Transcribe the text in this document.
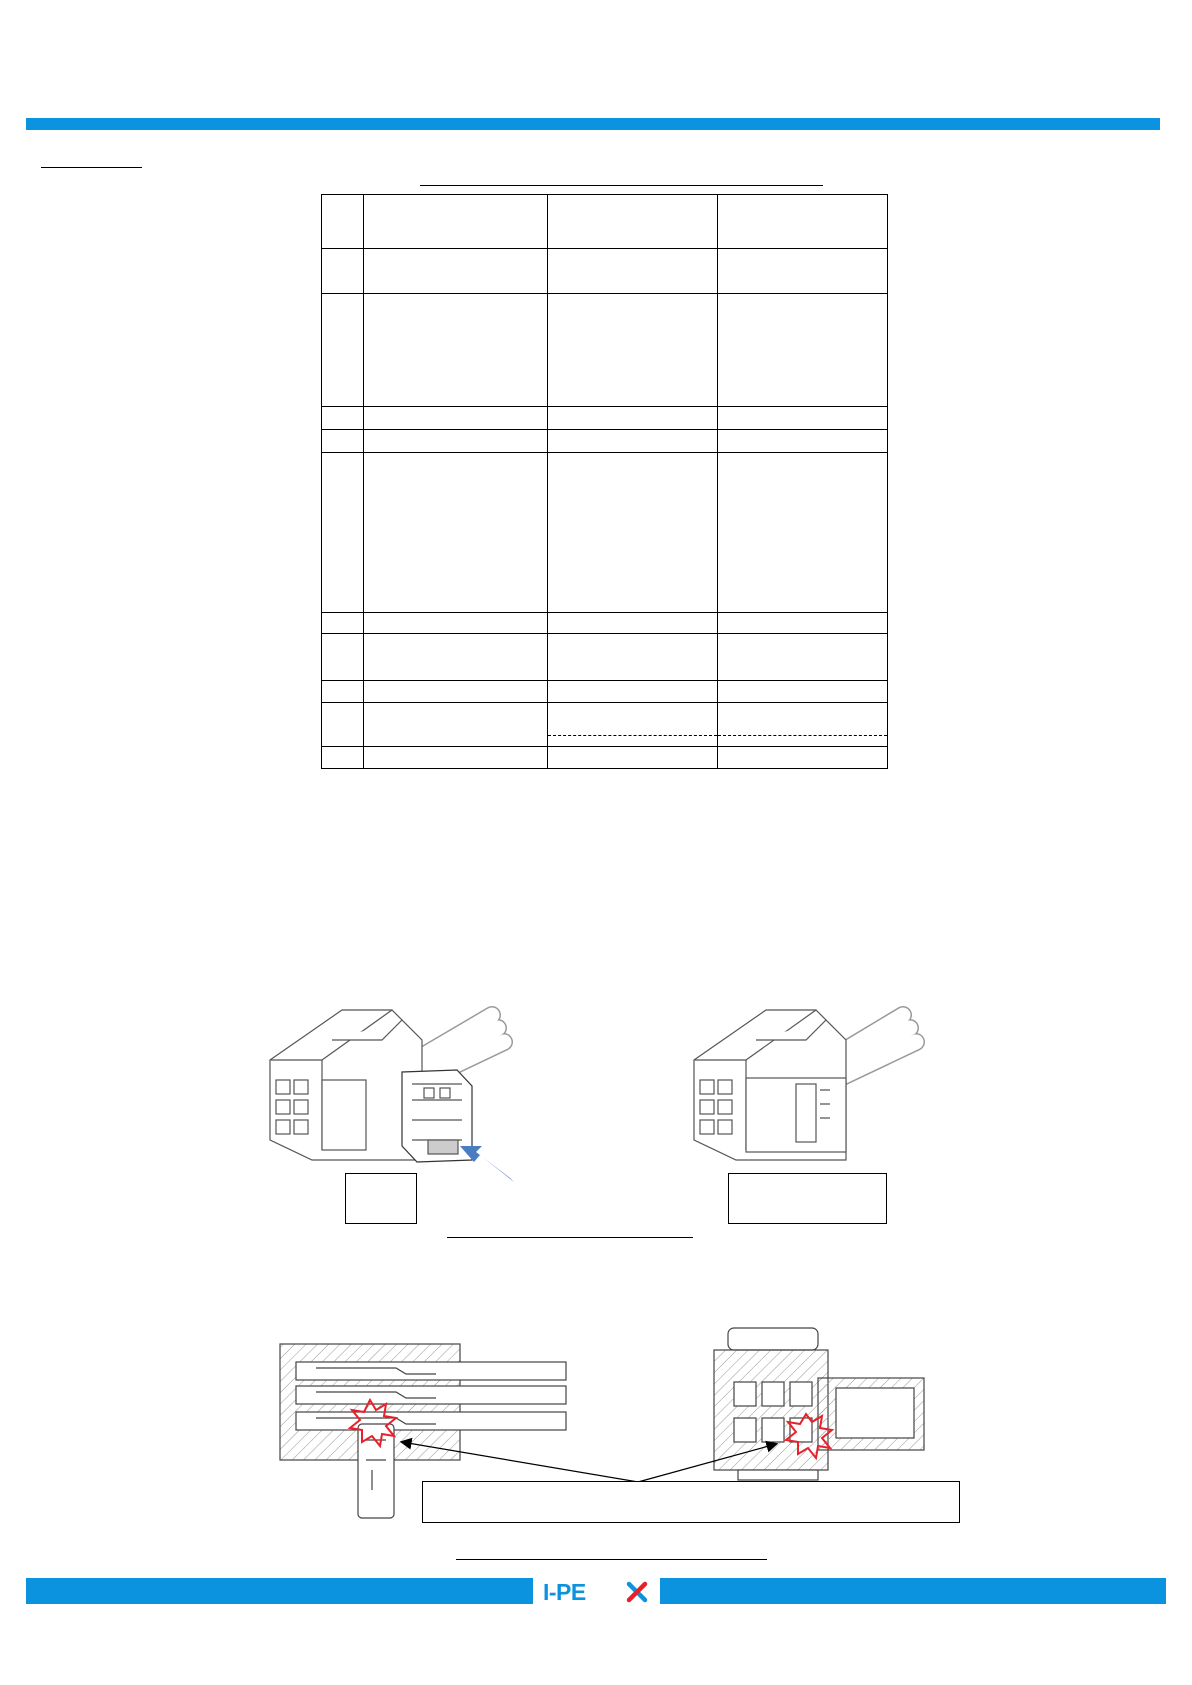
I-PE
